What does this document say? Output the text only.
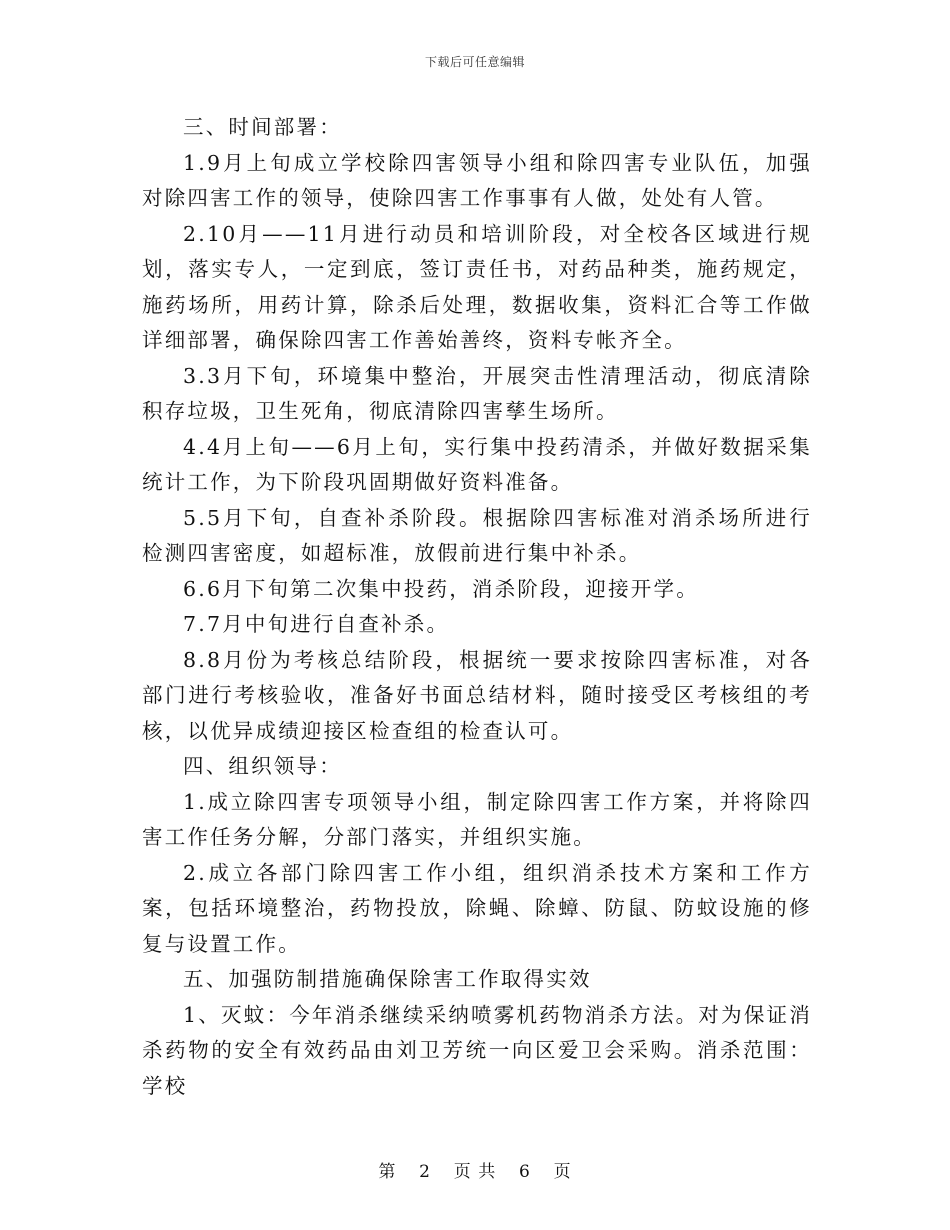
下载后可任意编辑

三、时间部署：

1.9月上旬成立学校除四害领导小组和除四害专业队伍，加强对除四害工作的领导，使除四害工作事事有人做，处处有人管。

2.10月——11月进行动员和培训阶段，对全校各区域进行规划，落实专人，一定到底，签订责任书，对药品种类，施药规定，施药场所，用药计算，除杀后处理，数据收集，资料汇合等工作做详细部署，确保除四害工作善始善终，资料专帐齐全。

3.3月下旬，环境集中整治，开展突击性清理活动，彻底清除积存垃圾，卫生死角，彻底清除四害孳生场所。

4.4月上旬——6月上旬，实行集中投药清杀，并做好数据采集统计工作，为下阶段巩固期做好资料准备。

5.5月下旬，自查补杀阶段。根据除四害标准对消杀场所进行检测四害密度，如超标准，放假前进行集中补杀。

6.6月下旬第二次集中投药，消杀阶段，迎接开学。

7.7月中旬进行自查补杀。

8.8月份为考核总结阶段，根据统一要求按除四害标准，对各部门进行考核验收，准备好书面总结材料，随时接受区考核组的考核，以优异成绩迎接区检查组的检查认可。

四、组织领导：

1.成立除四害专项领导小组，制定除四害工作方案，并将除四害工作任务分解，分部门落实，并组织实施。

2.成立各部门除四害工作小组，组织消杀技术方案和工作方案，包括环境整治，药物投放，除蝇、除蟑、防鼠、防蚊设施的修复与设置工作。

五、加强防制措施确保除害工作取得实效

1、灭蚊：今年消杀继续采纳喷雾机药物消杀方法。对为保证消杀药物的安全有效药品由刘卫芳统一向区爱卫会采购。消杀范围：学校

第 2 页 共 6 页
